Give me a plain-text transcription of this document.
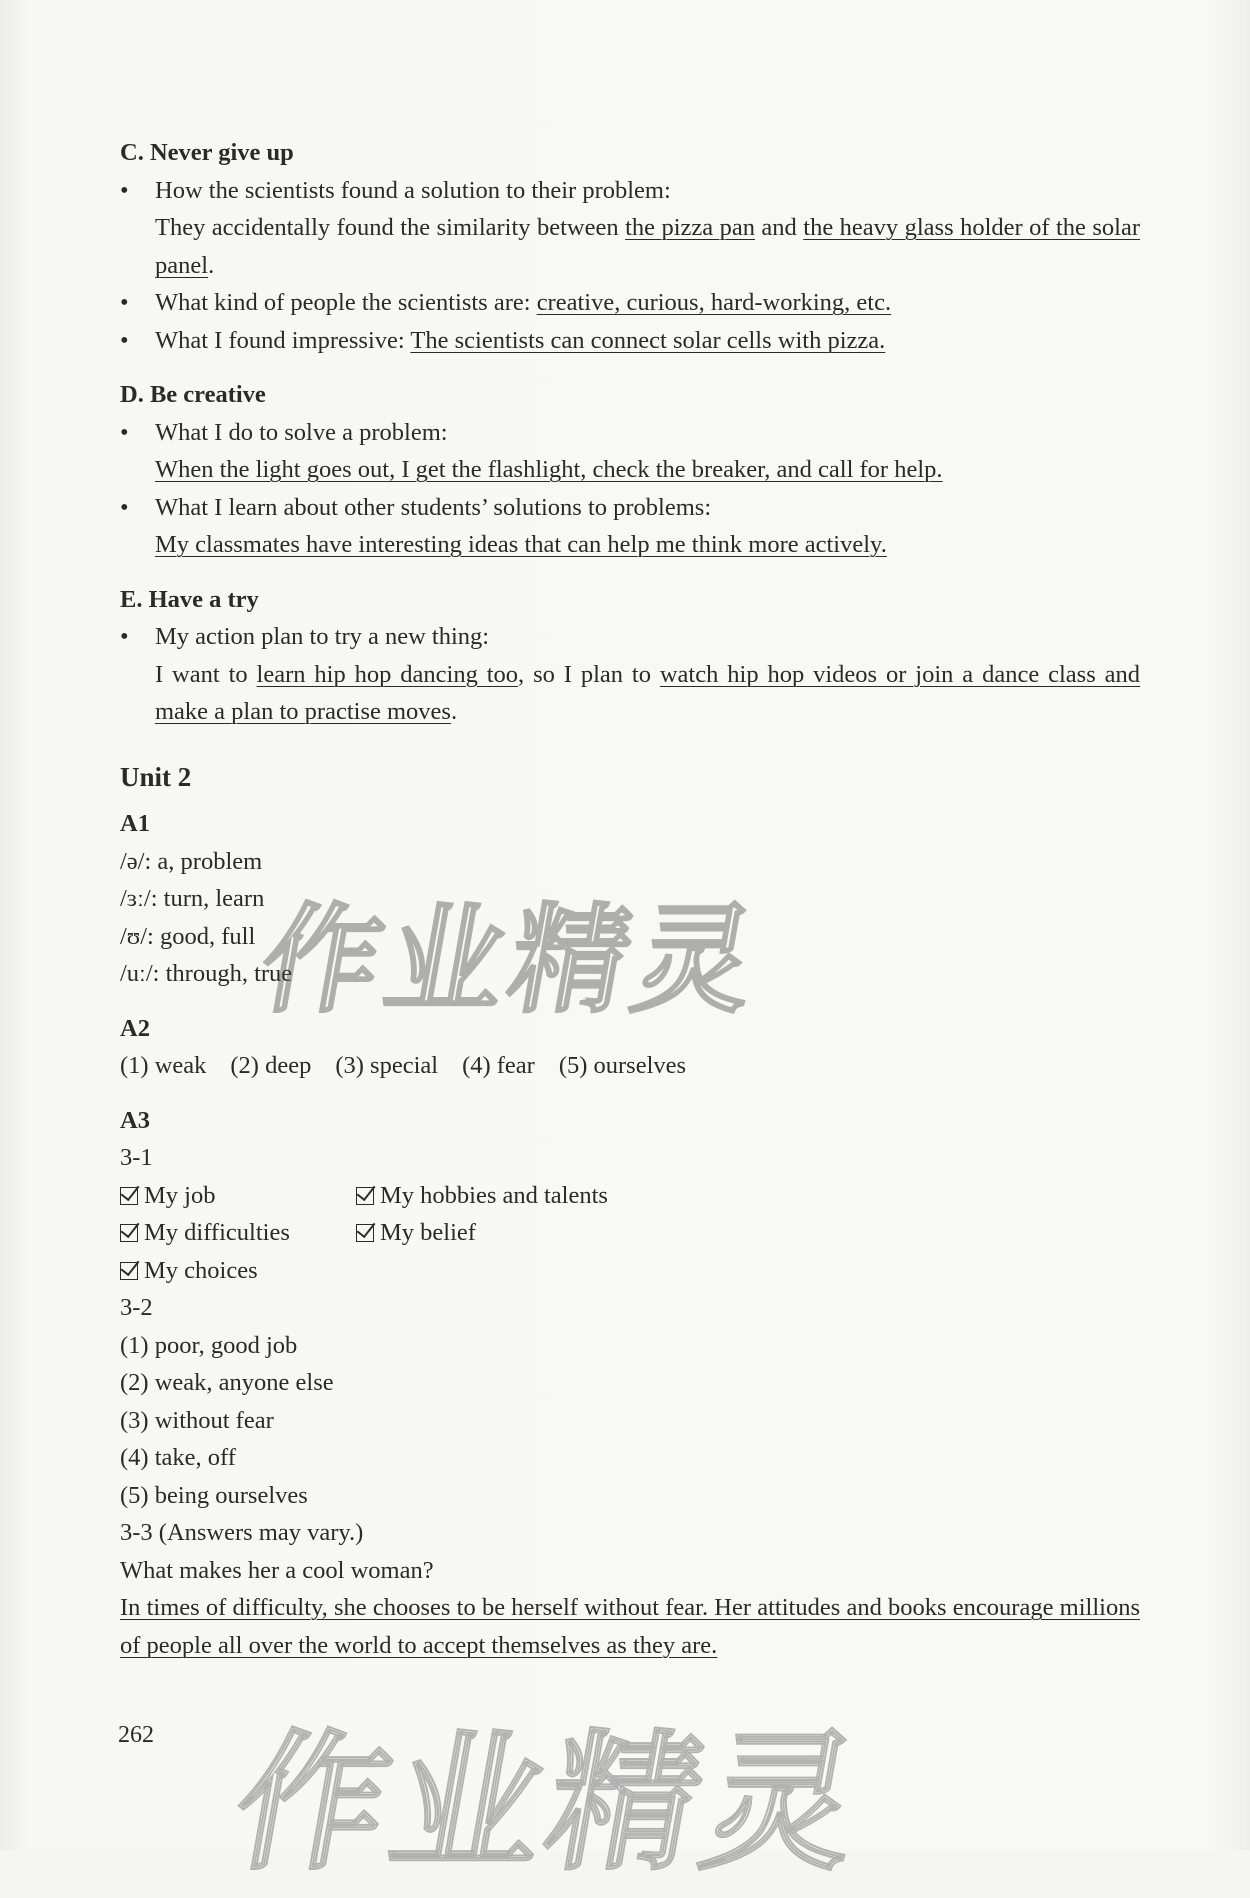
C. Never give up
• How the scientists found a solution to their problem:
They accidentally found the similarity between the pizza pan and the heavy glass holder of the solar panel.
• What kind of people the scientists are: creative, curious, hard-working, etc.
• What I found impressive: The scientists can connect solar cells with pizza.
D. Be creative
• What I do to solve a problem:
When the light goes out, I get the flashlight, check the breaker, and call for help.
• What I learn about other students’ solutions to problems:
My classmates have interesting ideas that can help me think more actively.
E. Have a try
• My action plan to try a new thing:
I want to learn hip hop dancing too, so I plan to watch hip hop videos or join a dance class and make a plan to practise moves.
Unit 2
A1
/ə/: a, problem
/ɜː/: turn, learn
/ʊ/: good, full
/uː/: through, true
A2
(1) weak (2) deep (3) special (4) fear (5) ourselves
A3
3-1
My job	My hobbies and talents
My difficulties	My belief
My choices
3-2
(1) poor, good job
(2) weak, anyone else
(3) without fear
(4) take, off
(5) being ourselves
3-3 (Answers may vary.)
What makes her a cool woman?
In times of difficulty, she chooses to be herself without fear. Her attitudes and books encourage millions of people all over the world to accept themselves as they are.
262
作业精灵
作业精灵
